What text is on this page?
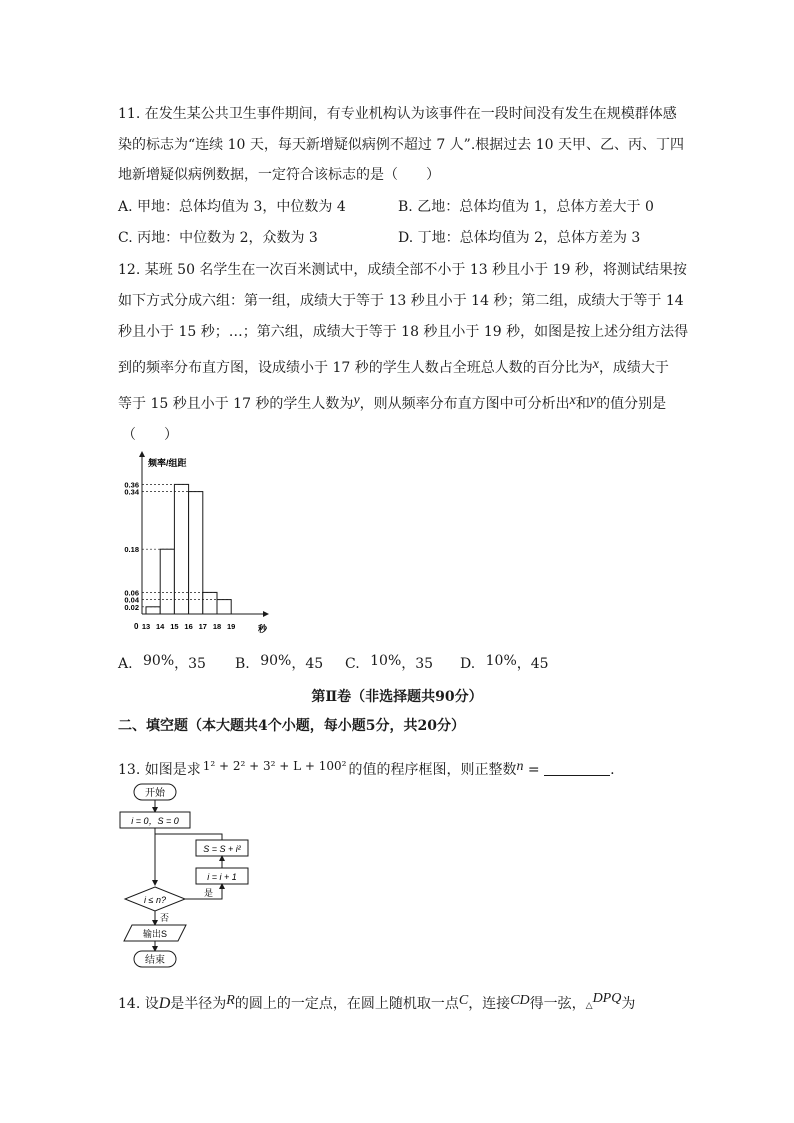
11. 在发生某公共卫生事件期间，有专业机构认为该事件在一段时间没有发生在规模群体感
染的标志为“连续 10 天，每天新增疑似病例不超过 7 人”.根据过去 10 天甲、乙、丙、丁四
地新增疑似病例数据，一定符合该标志的是（　　）
A. 甲地：总体均值为 3，中位数为 4	B. 乙地：总体均值为 1，总体方差大于 0
C. 丙地：中位数为 2，众数为 3	D. 丁地：总体均值为 2，总体方差为 3
12. 某班 50 名学生在一次百米测试中，成绩全部不小于 13 秒且小于 19 秒，将测试结果按
如下方式分成六组：第一组，成绩大于等于 13 秒且小于 14 秒；第二组，成绩大于等于 14
秒且小于 15 秒；…；第六组，成绩大于等于 18 秒且小于 19 秒，如图是按上述分组方法得
到的频率分布直方图，设成绩小于 17 秒的学生人数占全班总人数的百分比为x，成绩大于
等于 15 秒且小于 17 秒的学生人数为y，则从频率分布直方图中可分析出x和y的值分别是
（　　）
频率/组距
秒
0
0.36
0.34
0.18
0.06
0.04
0.02
13 14 15 16 17 18 19
A. 90%，35 B. 90%，45 C. 10%，35 D. 10%，45
第Ⅱ卷（非选择题共90分）
二、填空题（本大题共4个小题，每小题5分，共20分）
13. 如图是求 1² + 2² + 3² + L + 100² 的值的程序框图，则正整数n =	.
开始
i = 0，S = 0
S = S + i²
i = i + 1
i ≤ n?
是
否
输出S
结束
14. 设D是半径为R的圆上的一定点，在圆上随机取一点C，连接CD得一弦，△DPQ为
